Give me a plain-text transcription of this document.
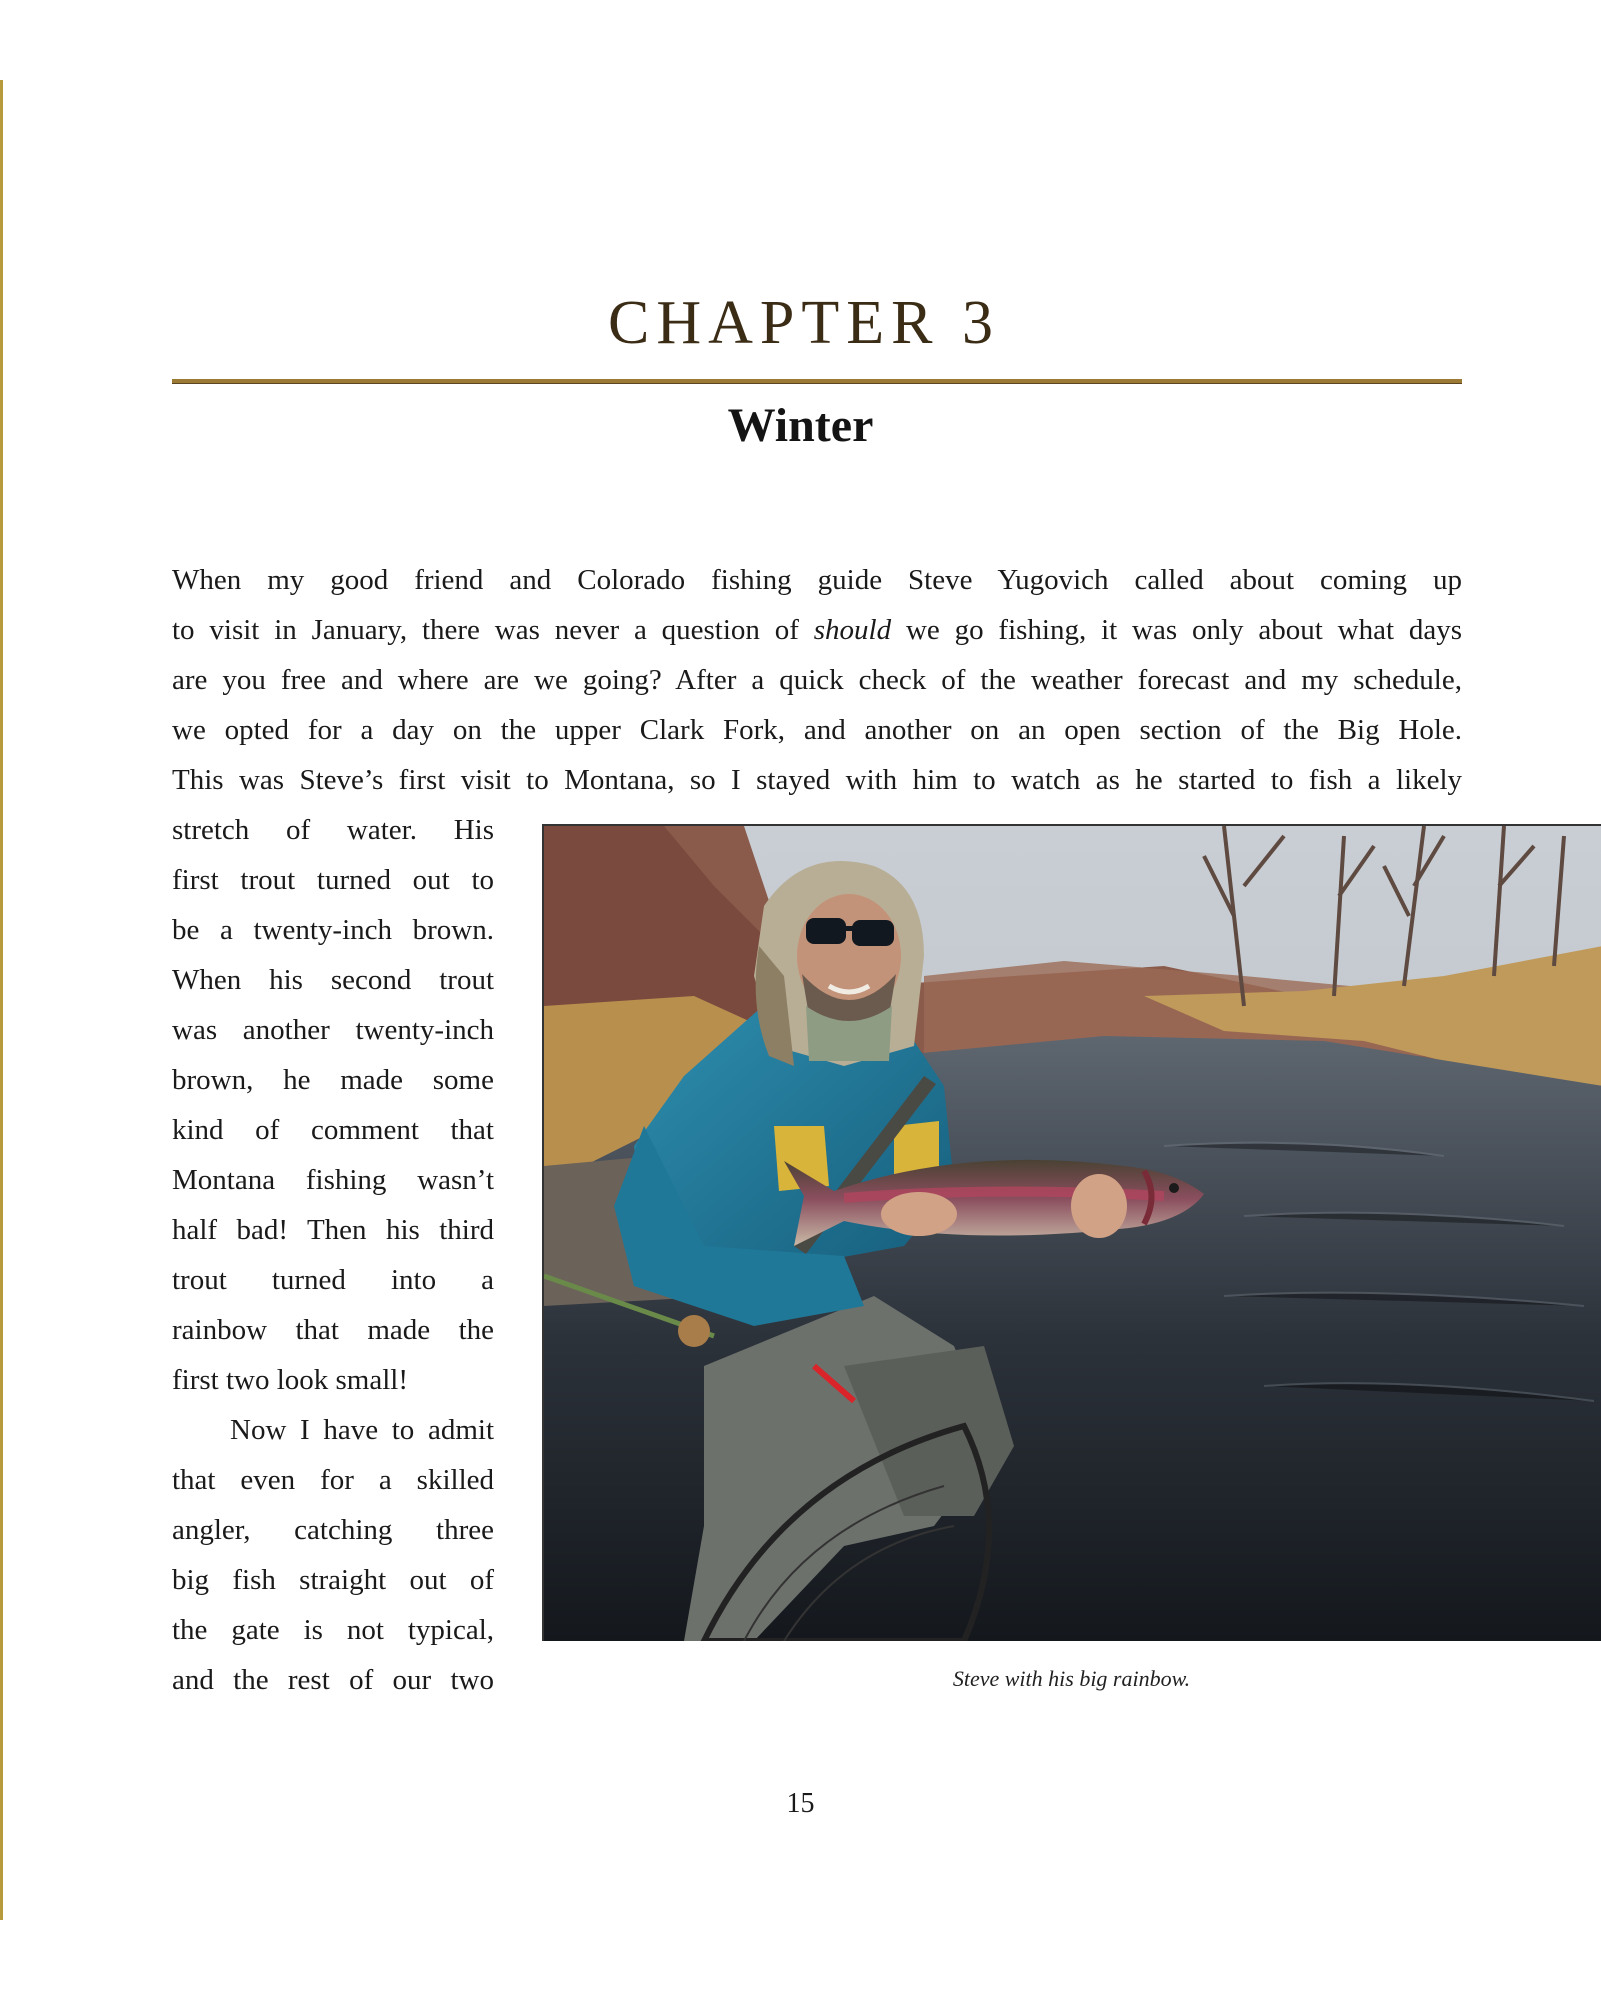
CHAPTER 3
Winter
When my good friend and Colorado fishing guide Steve Yugovich called about coming up
to visit in January, there was never a question of should we go fishing, it was only about what days
are you free and where are we going? After a quick check of the weather forecast and my schedule,
we opted for a day on the upper Clark Fork, and another on an open section of the Big Hole.
This was Steve’s first visit to Montana, so I stayed with him to watch as he started to fish a likely
stretch of water. His
first trout turned out to
be a twenty-inch brown.
When his second trout
was another twenty-inch
brown, he made some
kind of comment that
Montana fishing wasn’t
half bad! Then his third
trout turned into a
rainbow that made the
first two look small!
Now I have to admit
that even for a skilled
angler, catching three
big fish straight out of
the gate is not typical,
and the rest of our two	Steve with his big rainbow.
15
